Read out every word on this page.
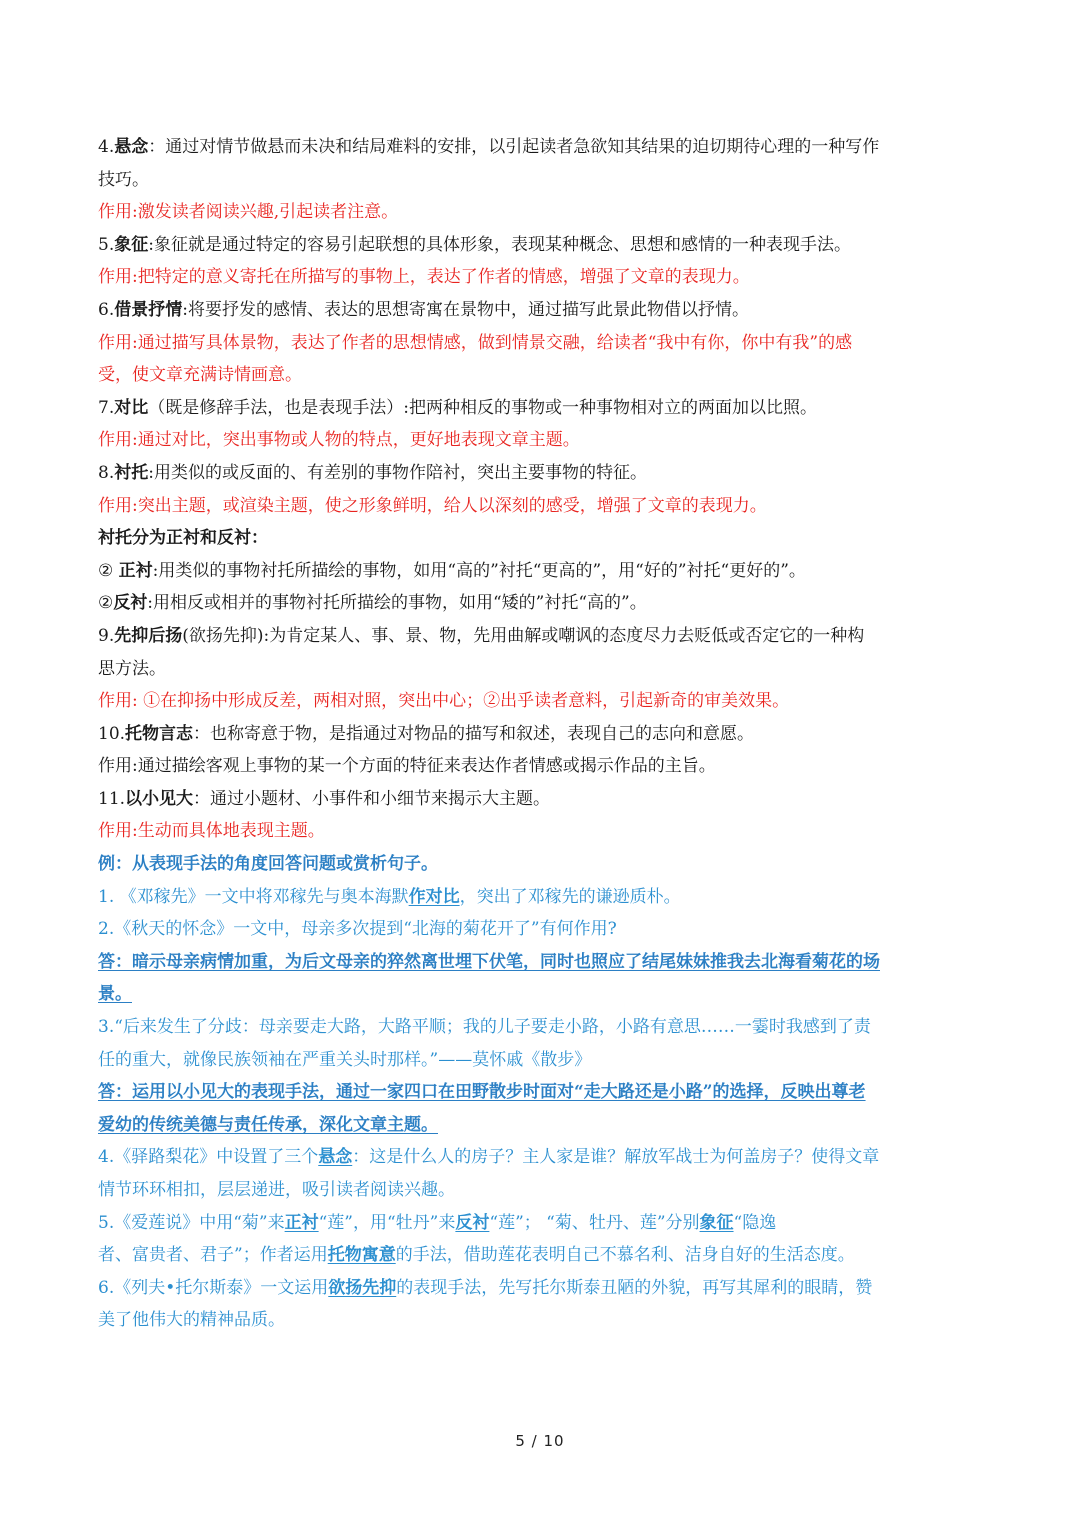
4.悬念：通过对情节做悬而未决和结局难料的安排，以引起读者急欲知其结果的迫切期待心理的一种写作
技巧。
作用:激发读者阅读兴趣,引起读者注意。
5.象征:象征就是通过特定的容易引起联想的具体形象，表现某种概念、思想和感情的一种表现手法。
作用:把特定的意义寄托在所描写的事物上，表达了作者的情感，增强了文章的表现力。
6.借景抒情:将要抒发的感情、表达的思想寄寓在景物中，通过描写此景此物借以抒情。
作用:通过描写具体景物，表达了作者的思想情感，做到情景交融，给读者“我中有你，你中有我”的感
受，使文章充满诗情画意。
7.对比（既是修辞手法，也是表现手法）:把两种相反的事物或一种事物相对立的两面加以比照。
作用:通过对比，突出事物或人物的特点，更好地表现文章主题。
8.衬托:用类似的或反面的、有差别的事物作陪衬，突出主要事物的特征。
作用:突出主题，或渲染主题，使之形象鲜明，给人以深刻的感受，增强了文章的表现力。
衬托分为正衬和反衬：
② 正衬:用类似的事物衬托所描绘的事物，如用“高的”衬托“更高的”，用“好的”衬托“更好的”。
②反衬:用相反或相并的事物衬托所描绘的事物，如用“矮的”衬托“高的”。
9.先抑后扬(欲扬先抑):为肯定某人、事、景、物，先用曲解或嘲讽的态度尽力去贬低或否定它的一种构
思方法。
作用: ①在抑扬中形成反差，两相对照，突出中心；②出乎读者意料，引起新奇的审美效果。
10.托物言志：也称寄意于物，是指通过对物品的描写和叙述，表现自己的志向和意愿。
作用:通过描绘客观上事物的某一个方面的特征来表达作者情感或揭示作品的主旨。
11.以小见大：通过小题材、小事件和小细节来揭示大主题。
作用:生动而具体地表现主题。
例：从表现手法的角度回答问题或赏析句子。
1. 《邓稼先》一文中将邓稼先与奥本海默作对比，突出了邓稼先的谦逊质朴。
2.《秋天的怀念》一文中，母亲多次提到“北海的菊花开了”有何作用?
答：暗示母亲病情加重，为后文母亲的猝然离世埋下伏笔，同时也照应了结尾妹妹推我去北海看菊花的场
景。
3.“后来发生了分歧：母亲要走大路，大路平顺；我的儿子要走小路，小路有意思……一霎时我感到了责
任的重大，就像民族领袖在严重关头时那样。”——莫怀戚《散步》
答：运用以小见大的表现手法，通过一家四口在田野散步时面对“走大路还是小路”的选择，反映出尊老
爱幼的传统美德与责任传承，深化文章主题。
4.《驿路梨花》中设置了三个悬念：这是什么人的房子？主人家是谁？解放军战士为何盖房子？使得文章
情节环环相扣，层层递进，吸引读者阅读兴趣。
5.《爱莲说》中用“菊”来正衬“莲”，用“牡丹”来反衬“莲”； “菊、牡丹、莲”分别象征“隐逸
者、富贵者、君子”；作者运用托物寓意的手法，借助莲花表明自己不慕名利、洁身自好的生活态度。
6.《列夫•托尔斯泰》一文运用欲扬先抑的表现手法，先写托尔斯泰丑陋的外貌，再写其犀利的眼睛，赞
美了他伟大的精神品质。
5 / 10
